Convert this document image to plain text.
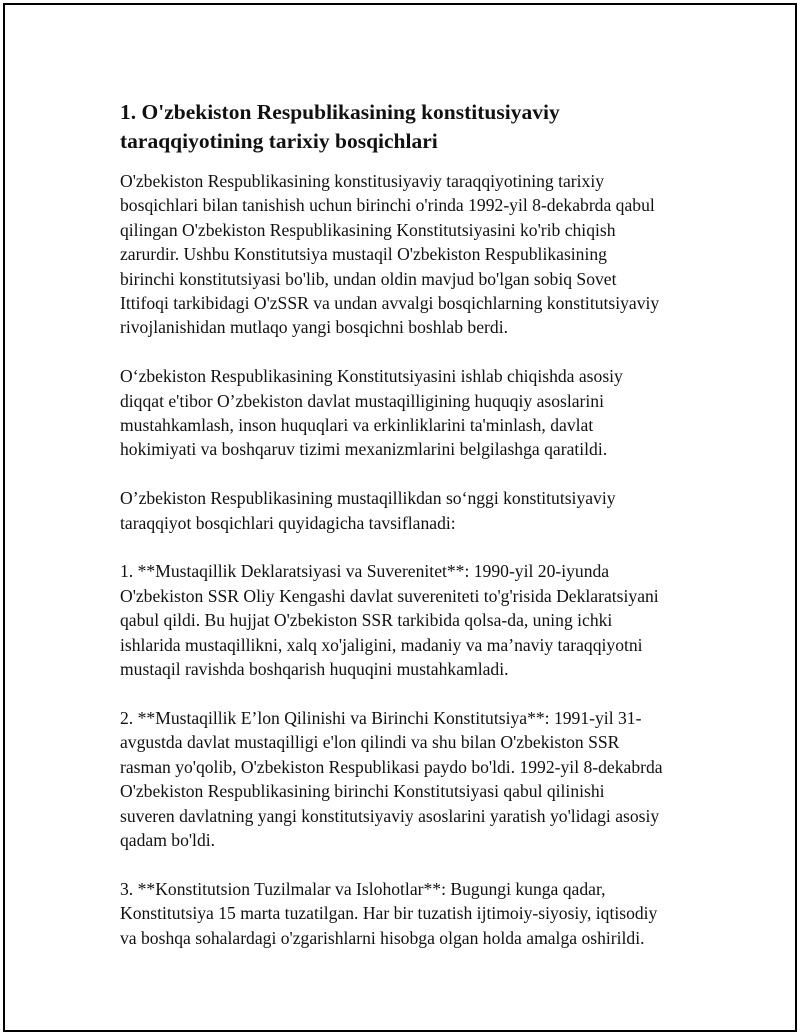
1. O'zbekiston Respublikasining konstitusiyaviy
taraqqiyotining tarixiy bosqichlari

O'zbekiston Respublikasining konstitusiyaviy taraqqiyotining tarixiy
bosqichlari bilan tanishish uchun birinchi o'rinda 1992-yil 8-dekabrda qabul
qilingan O'zbekiston Respublikasining Konstitutsiyasini ko'rib chiqish
zarurdir. Ushbu Konstitutsiya mustaqil O'zbekiston Respublikasining
birinchi konstitutsiyasi bo'lib, undan oldin mavjud bo'lgan sobiq Sovet
Ittifoqi tarkibidagi O'zSSR va undan avvalgi bosqichlarning konstitutsiyaviy
rivojlanishidan mutlaqo yangi bosqichni boshlab berdi.

O‘zbekiston Respublikasining Konstitutsiyasini ishlab chiqishda asosiy
diqqat e'tibor O’zbekiston davlat mustaqilligining huquqiy asoslarini
mustahkamlash, inson huquqlari va erkinliklarini ta'minlash, davlat
hokimiyati va boshqaruv tizimi mexanizmlarini belgilashga qaratildi.

O’zbekiston Respublikasining mustaqillikdan so‘nggi konstitutsiyaviy
taraqqiyot bosqichlari quyidagicha tavsiflanadi:

1. **Mustaqillik Deklaratsiyasi va Suverenitet**: 1990-yil 20-iyunda
O'zbekiston SSR Oliy Kengashi davlat suvereniteti to'g'risida Deklaratsiyani
qabul qildi. Bu hujjat O'zbekiston SSR tarkibida qolsa-da, uning ichki
ishlarida mustaqillikni, xalq xo'jaligini, madaniy va ma’naviy taraqqiyotni
mustaqil ravishda boshqarish huquqini mustahkamladi.

2. **Mustaqillik E’lon Qilinishi va Birinchi Konstitutsiya**: 1991-yil 31-
avgustda davlat mustaqilligi e'lon qilindi va shu bilan O'zbekiston SSR
rasman yo'qolib, O'zbekiston Respublikasi paydo bo'ldi. 1992-yil 8-dekabrda
O'zbekiston Respublikasining birinchi Konstitutsiyasi qabul qilinishi
suveren davlatning yangi konstitutsiyaviy asoslarini yaratish yo'lidagi asosiy
qadam bo'ldi.

3. **Konstitutsion Tuzilmalar va Islohotlar**: Bugungi kunga qadar,
Konstitutsiya 15 marta tuzatilgan. Har bir tuzatish ijtimoiy-siyosiy, iqtisodiy
va boshqa sohalardagi o'zgarishlarni hisobga olgan holda amalga oshirildi.
